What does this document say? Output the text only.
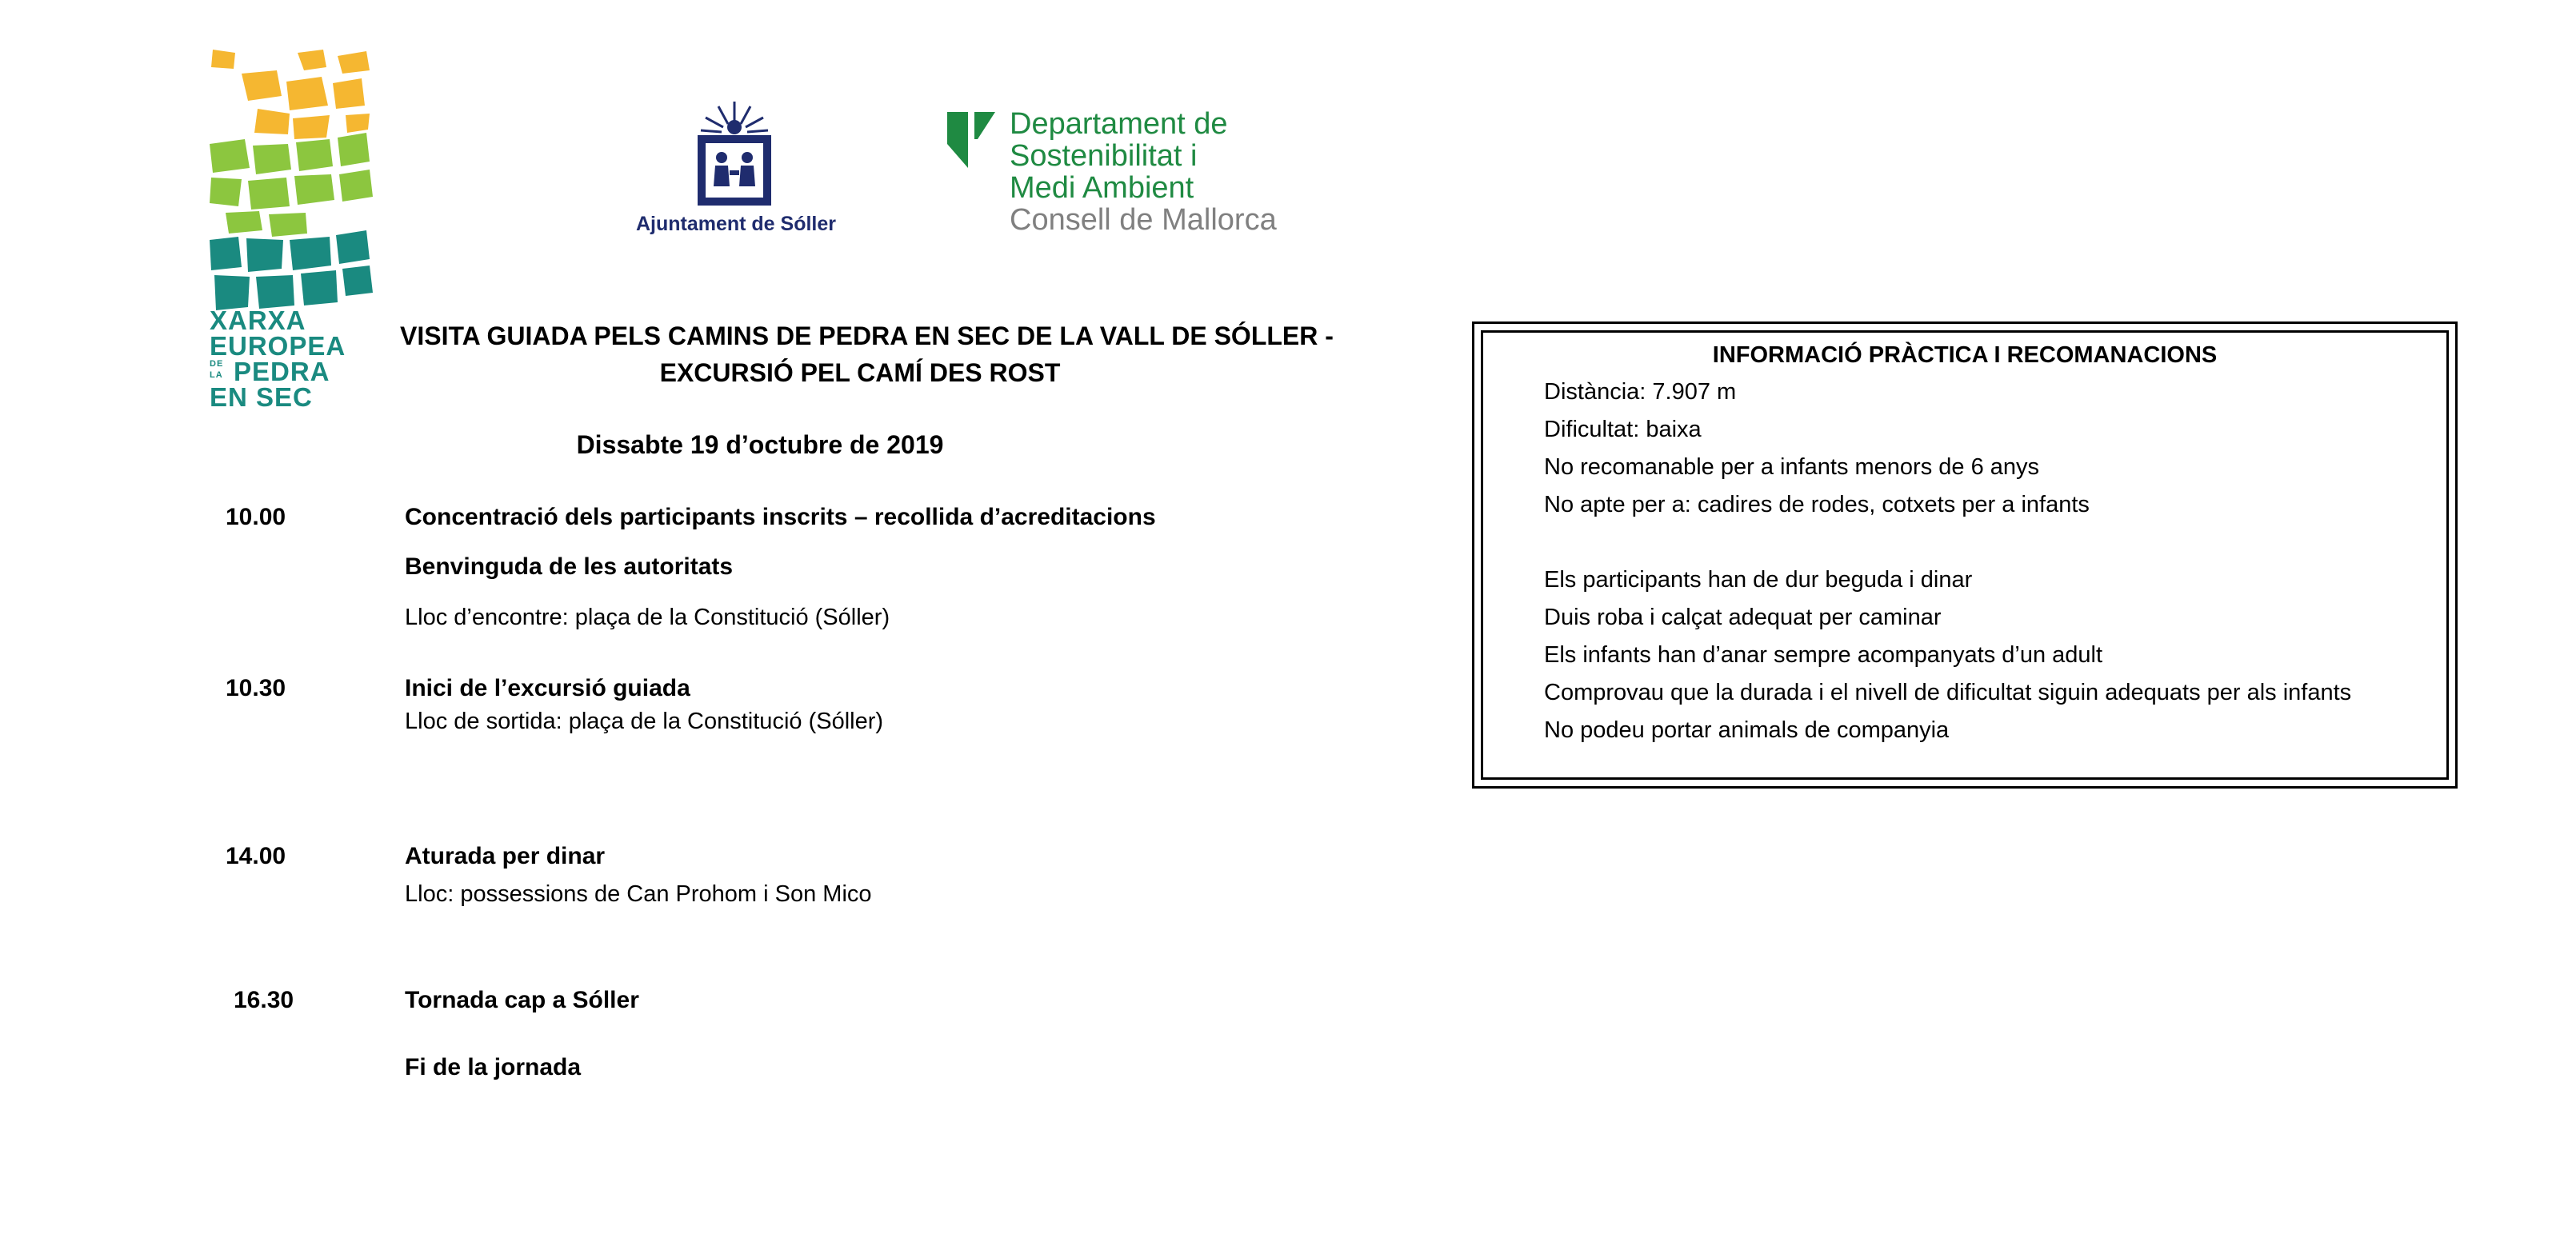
XARXA
EUROPEA
DE
LA PEDRA
EN SEC
Ajuntament de Sóller
Departament de
Sostenibilitat i
Medi Ambient
Consell de Mallorca
VISITA GUIADA PELS CAMINS DE PEDRA EN SEC DE LA VALL DE SÓLLER -
EXCURSIÓ PEL CAMÍ DES ROST
Dissabte 19 d’octubre de 2019
10.00	Concentració dels participants inscrits – recollida d’acreditacions
Benvinguda de les autoritats
Lloc d’encontre: plaça de la Constitució (Sóller)
10.30	Inici de l’excursió guiada
Lloc de sortida: plaça de la Constitució (Sóller)
14.00	Aturada per dinar
Lloc: possessions de Can Prohom i Son Mico
16.30	Tornada cap a Sóller
Fi de la jornada
INFORMACIÓ PRÀCTICA I RECOMANACIONS
Distància: 7.907 m
Dificultat: baixa
No recomanable per a infants menors de 6 anys
No apte per a: cadires de rodes, cotxets per a infants
Els participants han de dur beguda i dinar
Duis roba i calçat adequat per caminar
Els infants han d’anar sempre acompanyats d’un adult
Comprovau que la durada i el nivell de dificultat siguin adequats per als infants
No podeu portar animals de companyia
